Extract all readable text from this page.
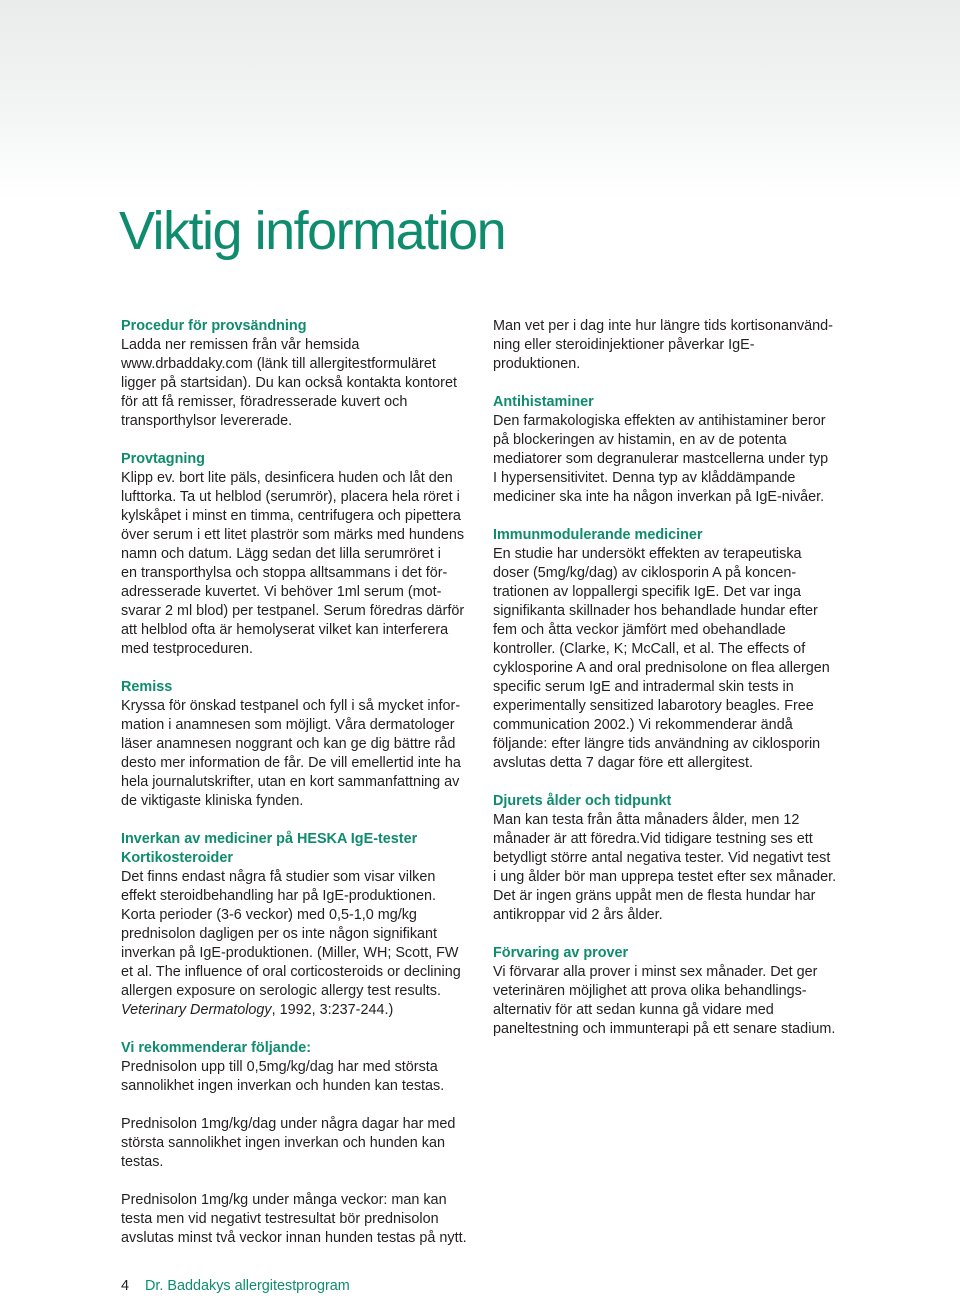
Viktig information
Procedur för provsändning

Ladda ner remissen från vår hemsida
www.drbaddaky.com (länk till allergitestformuläret
ligger på startsidan). Du kan också kontakta kontoret
för att få remisser, föradresserade kuvert och
transporthylsor levererade.

Provtagning

Klipp ev. bort lite päls, desinficera huden och låt den
lufttorka. Ta ut helblod (serumrör), placera hela röret i
kylskåpet i minst en timma, centrifugera och pipettera
över serum i ett litet plaströr som märks med hundens
namn och datum. Lägg sedan det lilla serumröret i
en transporthylsa och stoppa alltsammans i det för-
adresserade kuvertet. Vi behöver 1ml serum (mot-
svarar 2 ml blod) per testpanel. Serum föredras därför
att helblod ofta är hemolyserat vilket kan interferera
med testproceduren.

Remiss

Kryssa för önskad testpanel och fyll i så mycket infor-
mation i anamnesen som möjligt. Våra dermatologer
läser anamnesen noggrant och kan ge dig bättre råd
desto mer information de får. De vill emellertid inte ha
hela journalutskrifter, utan en kort sammanfattning av
de viktigaste kliniska fynden.

Inverkan av mediciner på HESKA IgE-tester
Kortikosteroider

Det finns endast några få studier som visar vilken
effekt steroidbehandling har på IgE-produktionen.
Korta perioder (3-6 veckor) med 0,5-1,0 mg/kg
prednisolon dagligen per os inte någon signifikant
inverkan på IgE-produktionen. (Miller, WH; Scott, FW
et al. The influence of oral corticosteroids or declining
allergen exposure on serologic allergy test results.
Veterinary Dermatology, 1992, 3:237-244.)

Vi rekommenderar följande:

Prednisolon upp till 0,5mg/kg/dag har med största
sannolikhet ingen inverkan och hunden kan testas.

Prednisolon 1mg/kg/dag under några dagar har med
största sannolikhet ingen inverkan och hunden kan
testas.

Prednisolon 1mg/kg under många veckor: man kan
testa men vid negativt testresultat bör prednisolon
avslutas minst två veckor innan hunden testas på nytt.

Man vet per i dag inte hur längre tids kortisonanvänd-
ning eller steroidinjektioner påverkar IgE-
produktionen.

Antihistaminer

Den farmakologiska effekten av antihistaminer beror
på blockeringen av histamin, en av de potenta
mediatorer som degranulerar mastcellerna under typ
I hypersensitivitet. Denna typ av klåddämpande
mediciner ska inte ha någon inverkan på IgE-nivåer.

Immunmodulerande mediciner

En studie har undersökt effekten av terapeutiska
doser (5mg/kg/dag) av ciklosporin A på koncen-
trationen av loppallergi specifik IgE. Det var inga
signifikanta skillnader hos behandlade hundar efter
fem och åtta veckor jämfört med obehandlade
kontroller. (Clarke, K; McCall, et al. The effects of
cyklosporine A and oral prednisolone on flea allergen
specific serum IgE and intradermal skin tests in
experimentally sensitized labarotory beagles. Free
communication 2002.) Vi rekommenderar ändå
följande: efter längre tids användning av ciklosporin
avslutas detta 7 dagar före ett allergitest.

Djurets ålder och tidpunkt

Man kan testa från åtta månaders ålder, men 12
månader är att föredra.Vid tidigare testning ses ett
betydligt större antal negativa tester. Vid negativt test
i ung ålder bör man upprepa testet efter sex månader.
Det är ingen gräns uppåt men de flesta hundar har
antikroppar vid 2 års ålder.

Förvaring av prover

Vi förvarar alla prover i minst sex månader. Det ger
veterinären möjlighet att prova olika behandlings-
alternativ för att sedan kunna gå vidare med
paneltestning och immunterapi på ett senare stadium.

4 Dr. Baddakys allergitestprogram
